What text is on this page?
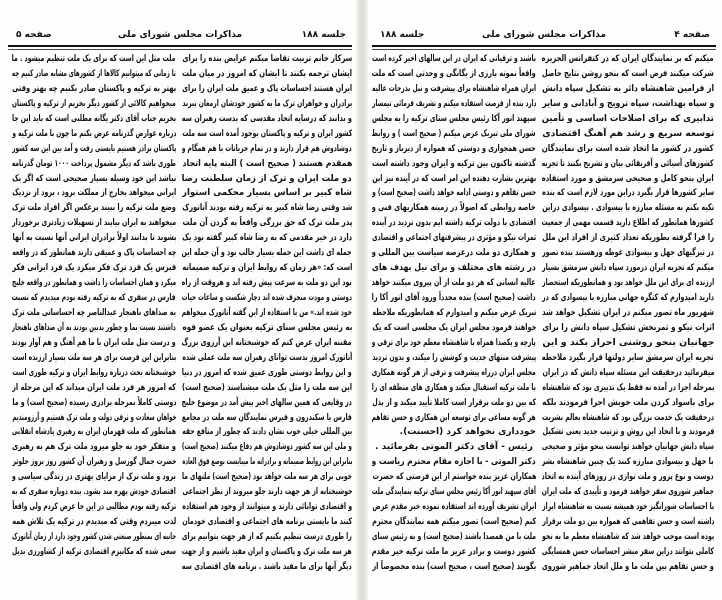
جلسه ۱۸۸
مذاکرات مجلس شورای ملی
صفحه ۵
سرکار خانم تربیت تقاضا میکنم عرایض بنده را برای
ایشان ترجمه بکنند تا ایشان که امروز در میان ملت
ایران هستند احساسات پاک و عمیق ملت ایران را برای
برادران و خواهران ترک ما به کشور خودشان ارمغان ببرند
و بدانند که درسایه اتحاد مقدسی که بدست رهبران سه
کشور ایران و ترکیه و پاکستان بوجود آمده است سه ملت
دوشادوش هم قرار دارند و در تمام جریانات با هم همگام و
همقدم هستند ( صحیح است ) البته پایه اتحاد
دو ملت ایران و ترک از زمان سلطنت رضا
شاه کبیر بر اساس بسیار محکمی استوار
شد وقتی رضا شاه کبیر به ترکیه رفته بودند آتاتورک
پدر ملت ترک که حق بزرگی واقعاً به گردن آن ملت
دارد در خیر مقدمی که به رضا شاه کبیر گفته بود یک
جمله ای داشت این جمله بسیار جالب بود و آن جمله این
است که: «هر زمان که روابط ایران و ترکیه صمیمانه
بود این دو ملت به سرعت پیش رفته اند و هروقت از راه
دوستی و مودت منحرف شده اند دچار شکست و ساعات حیات
خود شده اند.» من با استفاده از این گفته آتاتورک میخواهم
به رئیس مجلس سنای ترکیه بعنوان یک عضو قوه
مقننه ایران عرض کنم که خوشبختانه این آرزوی بزرگ
آتاتورک امروز بدست توانای رهبران سه ملت عملی شده
و این روابط دوستی طوری عمیق شده که امروز در دنیا
این سه ملت را مثل یک ملت میشناسند (صحیح است)
در وقایعی که همین سالهای اخیر پیش آمد در موضوع خلیج
فارس یا سکندرون و قبرس نمایندگان سه ملت در مجامع
بین المللی خیلی خوب نشان دادند که چطور از منافع حقه
و ملی این سه کشور دوشادوش هم دفاع میکنند (صحیح است)
بنابراین این روابط صمیمانه و برادرانه ما میبایست بوضع فوق العاده
خوبی برای هر سه ملت خواهد بود (صحیح است) ملتهای ما
خوشبختانه از هر جهت دارند جلو میروند از نظر اجتماعی
و اقتصادی توانائی دارند و میتوانند از وجود هم استفاده
کنند ما بایستی برنامه های اجتماعی و اقتصادی خودمان
را طوری درست تنظیم بکنیم که از هر جهت بتوانیم برای
هر سه ملت ترک و پاکستان و ایران مفید باشیم و از جهت
دیگر آنها برای ما مفید باشند . برنامه های اقتصادی سه
ملت مثل این است که برای یک ملت تنظیم میشود . ما
تا زمانی که میتوانیم کالاها از کشورهای مشابه صادر کنیم چه
بهتر به ترکیه و پاکستان صادر بکنیم چه بهتر وقتی
میخواهیم کالائی از کشور دیگر بخریم از ترکیه و پاکستان
بخریم جناب آقای دکتر یگانه مطلبی است که باید این جا
درباره عوارض گذرنامه عرض بکنم ما چون با ملت ترکیه و
پاکستان برادر هستیم بایستی رفت و آمد بین این سه کشور
طوری باشد که دیگر مشمول پرداخت ۱۰۰۰ تومان گذرنامه
نباشد این خود وسیله بسیار صحیحی است که اگر یک
ایرانی میخواهد بخارج از مملکت برود ، برود از نزدیک
وضع ملت ترکیه را ببیند برعکس اگر افراد ملت ترک
میخواهند به ایران بیایند از تسهیلات زیادتری برخوردار
بشوند تا بدانند اولاً برادران ایرانی آنها نسبت به آنها
چه احساسات پاک و عمیقی دارند همانطور که در واقعه
قبرس یک فرد ترک فکر میکرد یک فرد ایرانی فکر
میکرد و همان احساسات را داشت و همانطور در واقعه خلیج
فارس در سفری که به ترکیه رفته بودم میدیدم که نسبت
به صداهای ناهنجار عبدالناصر چه احساساتی ملت ترک
داشتند نسبت بما و چطور بدبین بودند به آن صداهای ناهنجار
و درست مثل ملت ایران با ما هم آهنگ و هم آواز بودند
بنابراین این فرصت برای هر سه ملت بسیار ارزنده است
خوشبختانه بحث درباره روابط ایران و ترکیه طوری است
که امروز هر فرد ملت ایران میداند که این مرحله از
دوستی کاملاً بمرحله برادری رسیده (صحیح است) و ما
خواهان سعادت و ترقی دولت و ملت ترک هستیم و آرزومندیم
همانطور که ملت قهرمان ایران به رهبری پادشاه انقلابی
و متفکر خود به جلو میرود ملت ترک هم به رهبری
حضرت جمال گورسل و رهبران آن کشور روز بروز جلوتر
برود و ملت ترک از مزایای بهتری در زندگی سیاسی و
اقتصادی خودش بهره مند بشود. بنده دوباره سفری که به
ترکیه رفته بودم مطالبی در این جا عرض کردم ولی واقعاً
لذت میبردم وقتی که میدیدم در ترکیه یک تلاش همه
جانبه ای بمنظور صنعتی شدن کشور وجود دارد از زمان آتاتورک
سعی شده که مکانیزم اقتصادی ترکیه از کشاورزی بدیل
صفحه ۴
مذاکرات مجلس شورای ملی
جلسه ۱۸۸
میکنم که بر نمایندگان ایران که در کنفرانس الجزیره
شرکت میکنند فرض است که بنحو روشن نتایج حاصل
از فرامین شاهنشاه دائر به تشکیل سپاه دانش
و سپاه بهداشت، سپاه ترویج و آبادانی و سایر
تدابیری که برای اصلاحات اساسی و تأمین
توسعه سریع و رشد هم آهنگ اقتصادی
کشور در کشور ما اتخاذ شده است برای نمایندگان
کشورهای آسیائی و آفریقائی بیان و تشریح بکنند تا تجربه
ایران بنحو کامل و صحیحی سرمشق و مورد استفاده
سایر کشورها قرار بگیرد دراین مورد لازم است که بنده
تکیه بکنم به مسئله مبارزه با بیسوادی . بیسوادی دراین
کشورها همانطور که اطلاع دارید قسمت مهمی از جمعیت
را فرا گرفته بطوریکه تعداد کثیری از افراد این ملل
در تیرگیهای جهل و بیسوادی غوطه ورهستند بنده تصور
میکنم که تجربه ایران درمورد سپاه دانش سرمشق بسیار
ارزنده ای برای این ملل خواهد بود و همانطوریکه استحضار
دارید امیدوارم که کنگره جهانی مبارزه با بیسوادی که در
شهریور ماه تصور میکنم در ایران تشکیل خواهد شد
اثرات نیکو و ثمربخش تشکیل سپاه دانش را برای
جهانیان بنحو روشنی احراز بکند و این
تجربه ایران سرمشق سایر دولتها قرار بگیرد ملاحظه
میفرمائید درحقیقت این مسئله سپاه دانش که در ایران
بمرحله اجرا در آمده نه فقط یک تدبیری بود که شاهنشاه
برای باسواد کردن ملت خویش اجرا فرمودند بلکه
درحقیقت یک خدمت بزرگی بود که شاهنشاه بعالم بشریت
فرمودند و با اتخاذ این روش و ترتیب جدید یعنی تشکیل
سپاه دانش جهانیان خواهند توانست بنحو مؤثر و صحیحی
با جهل و بیسوادی مبارزه کنند یک چنین شاهنشاه بشر
دوست و نوع پرور و ملت نوازی در روزهای آینده به اتحاد
جماهیر شوروی سفر خواهند فرمود و تأییدی که ملت ایران
با احساسات شورانگیز خود همیشه نسبت به شاهنشاه ابراز
داشته است و حسن تفاهمی که همواره بین دو ملت برقرار
بوده است موجب خواهد شد که شاهنشاه معظم ما به نحو
کاملی بتوانند دراین سفر مبشر احساسات حسن همسایگی
و حسن تفاهم بین ملت ما و ملل اتحاد جماهیر شوروی
باشند و ترقیاتی که ایران در این سالهای اخیر کرده است
واقعاً نمونه بارزی از یگانگی و وحدتی است که ملت
ایران همراه شاهنشاه برای پیشرفت و نیل بدرجات عالیه
دارد بنده از فرصت استفاده میکنم و تشریف فرمائی تیمسار
سپهبد انور آکا رئیس مجلس سنای ترکیه را به مجلس
شورای ملی تبریک عرض میکنم ( صحیح است ) و روابط
حسن همجواری و دوستی که همواره از دیرباز و تاریخ
گذشته تاکنون بین ترکیه و ایران وجود داشته است
بهترین بشارت دهنده این امر است که در آینده نیز این
حسن تفاهم و دوستی ادامه خواهد داشت (صحیح است) و
خاصه روابطی که اصولاً در زمینه همکاریهای فنی و
اقتصادی با دولت ترکیه داشته ایم بدون تردید در آینده
ثمرات نیکو و مؤثری در پیشرفتهای اجتماعی و اقتصادی
و همکاری دو ملت درعرصه سیاست بین المللی و
در رشته های مختلف و برای نیل بهدف های
عالیه انسانی که هر دو ملت از آن پیروی میکنند خواهد
داشت (صحیح است) بنده مجدداً ورود آقای انور آکا را
تبریک عرض میکنم و امیدوارم که همانطوریکه ملاحظه
خواهند فرمود مجلس ایران یک مجلسی است که یک
پارچه و یکصدا همراه با شاهنشاه معظم خود برای ترقی و
پیشرفت منتهای جدیت و کوشش را میکند، و بدون تردید
مجلس ایران درراه پیشرفت و ترقی از هر گونه همکاری
با ملت ترکیه استقبال میکند و همکاری های منطقه ای را
که بین دو ملت برقرار است کاملا تأیید میکند و از بذل
هر گونه مساعی برای توسعه این همکاری و حسن تفاهم
خودداری نخواهد کرد (احسنت).
رئیس - آقای دکتر الموتی بفرمائید .
دکتر الموتی - با اجازه مقام محترم ریاست و
همکاران عزیز بنده خواستم از این فرصتی که حضرت
آقای سپهبد انور آکا رئیس مجلس سنای ترکیه بنمایندگی ملت
ایران تشریف آورده اند استفاده نموده خیر مقدم عرض
کنم (صحیح است) تصور میکنم همه نمایندگان محترم
ملت با من همصدا باشند (صحیح است) و به رئیس سنای
کشور دوست و برادر عزیز ما ملت ترکیه خیر مقدم
بگویند (صحیح است ، صحیح است) بنده مخصوصاً از
